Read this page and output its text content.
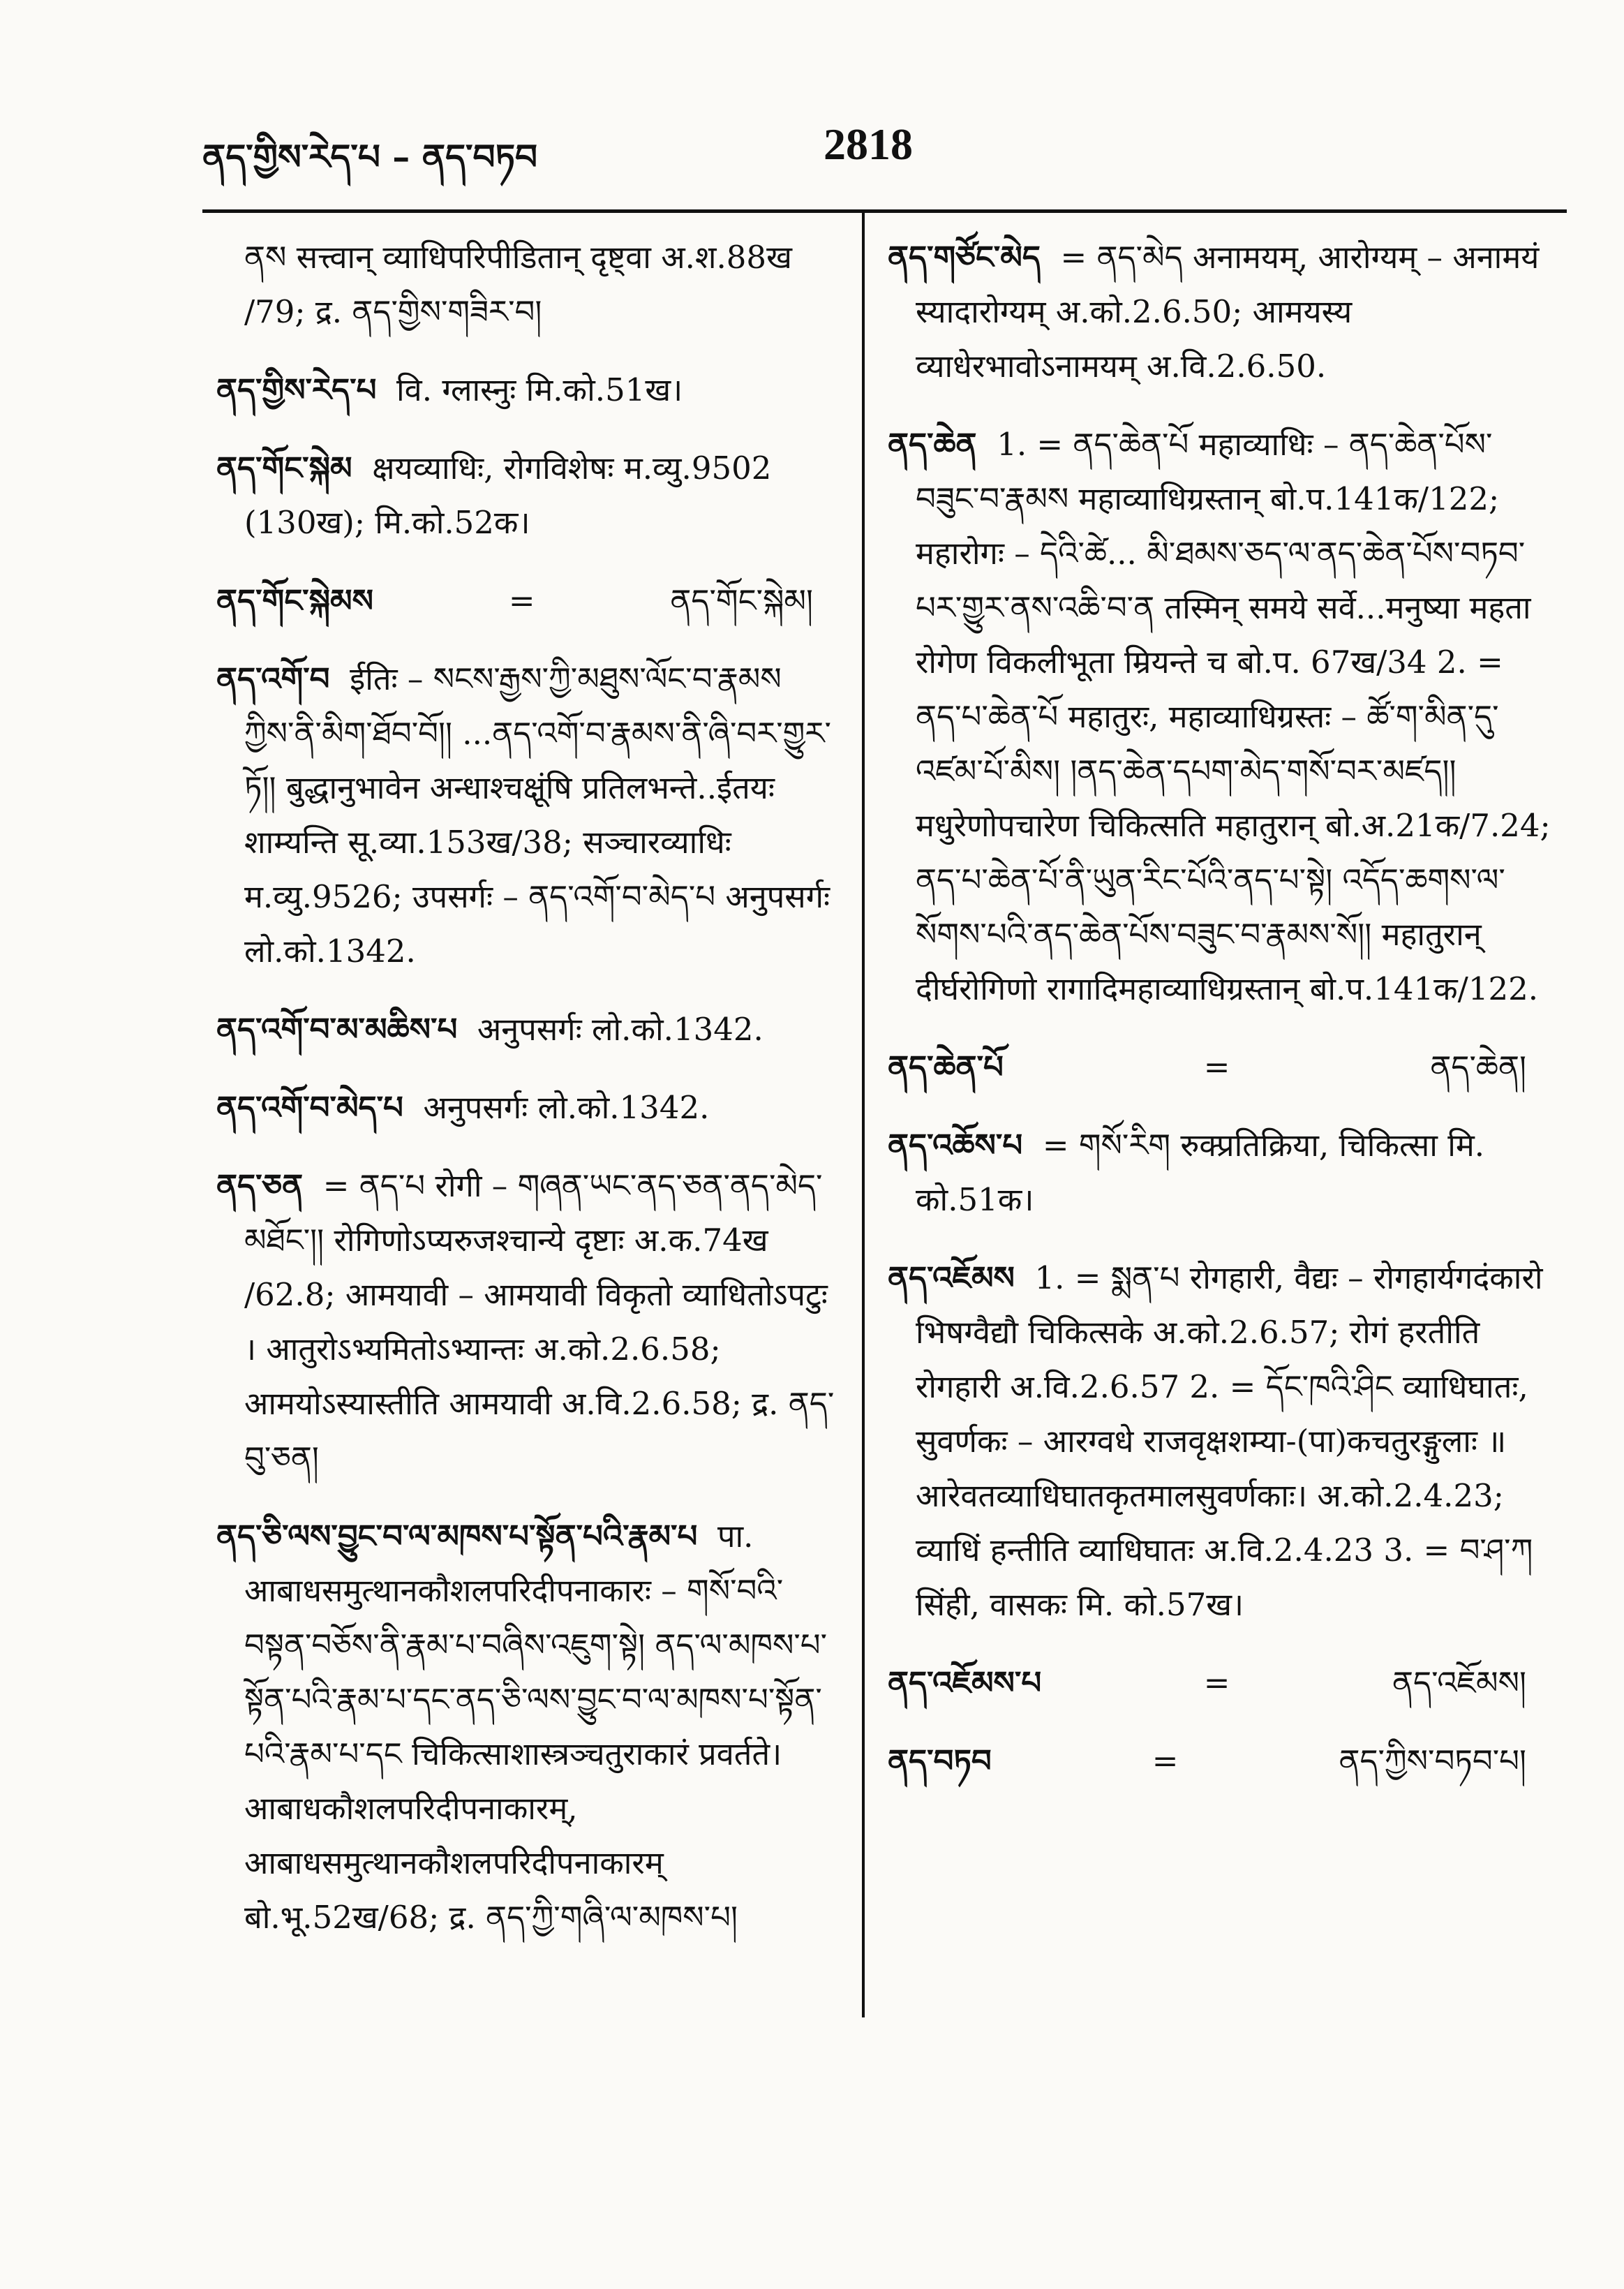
ནད་གྱིས་རེད་པ – ནད་བཏབ	2818

ནས सत्त्वान् व्याधिपरिपीडितान् दृष्ट्वा अ.श.88ख /79; द्र. ནད་གྱིས་གཟིར་བ།

ནད་གྱིས་རེད་པ वि. ग्लास्नुः मि.को.51ख।

ནད་གོང་སྐེམ क्षयव्याधिः, रोगविशेषः म.व्यु.9502 (130ख); मि.को.52क।

ནད་གོང་སྐེམས	=	ནད་གོང་སྐེམ།

ནད་འགོ་བ ईतिः – སངས་རྒྱས་ཀྱི་མཐུས་ལོང་བ་རྣམས ཀྱིས་ནི་མིག་ཐོབ་བོ།། ...ནད་འགོ་བ་རྣམས་ནི་ཞི་བར་གྱུར་ཏོ།། बुद्धानुभावेन अन्धाश्चक्षूंषि प्रतिलभन्ते..ईतयः शाम्यन्ति सू.व्या.153ख/38; सञ्चारव्याधिः म.व्यु.9526; उपसर्गः – ནད་འགོ་བ་མེད་པ अनुपसर्गः लो.को.1342.

ནད་འགོ་བ་མ་མཆིས་པ अनुपसर्गः लो.को.1342.

ནད་འགོ་བ་མེད་པ अनुपसर्गः लो.को.1342.

ནད་ཅན = ནད་པ रोगी – གཞན་ཡང་ནད་ཅན་ནད་མེད་མཐོང་།། रोगिणोऽप्यरुजश्चान्ये दृष्टाः अ.क.74ख /62.8; आमयावी – आमयावी विकृतो व्याधितोऽपटुः । आतुरोऽभ्यमितोऽभ्यान्तः अ.को.2.6.58; आमयोऽस्यास्तीति आमयावी अ.वि.2.6.58; द्र. ནད་བུ་ཅན།

ནད་ཅི་ལས་བྱུང་བ་ལ་མཁས་པ་སྟོན་པའི་རྣམ་པ पा. आबाधसमुत्थानकौशलपरिदीपनाकारः – གསོ་བའི་བསྟན་བཅོས་ནི་རྣམ་པ་བཞིས་འཇུག་སྟེ། ནད་ལ་མཁས་པ་སྟོན་པའི་རྣམ་པ་དང་ནད་ཅི་ལས་བྱུང་བ་ལ་མཁས་པ་སྟོན་པའི་རྣམ་པ་དང चिकित्साशास्त्रञ्चतुराकारं प्रवर्तते। आबाधकौशलपरिदीपनाकारम्, आबाधसमुत्थानकौशलपरिदीपनाकारम् बो.भू.52ख/68; द्र. ནད་ཀྱི་གཞི་ལ་མཁས་པ།

ནད་གཙོང་མེད = ནད་མེད अनामयम्, आरोग्यम् – अनामयं स्यादारोग्यम् अ.को.2.6.50; आमयस्य व्याधेरभावोऽनामयम् अ.वि.2.6.50.

ནད་ཆེན 1. = ནད་ཆེན་པོ महाव्याधिः – ནད་ཆེན་པོས་བཟུང་བ་རྣམས महाव्याधिग्रस्तान् बो.प.141क/122; महारोगः – དེའི་ཚེ... མི་ཐམས་ཅད་ལ་ནད་ཆེན་པོས་བཏབ་པར་གྱུར་ནས་འཆི་བ་ན तस्मिन् समये सर्वे...मनुष्या महता रोगेण विकलीभूता म्रियन्ते च बो.प. 67ख/34 2. = ནད་པ་ཆེན་པོ महातुरः, महाव्याधिग्रस्तः – ཚོ་ག་མིན་དུ་འཛམ་པོ་མིས། །ནད་ཆེན་དཔག་མེད་གསོ་བར་མཛད།། मधुरेणोपचारेण चिकित्सति महातुरान् बो.अ.21क/7.24; ནད་པ་ཆེན་པོ་ནི་ཡུན་རིང་པོའི་ནད་པ་སྟེ། འདོད་ཆགས་ལ་སོགས་པའི་ནད་ཆེན་པོས་བཟུང་བ་རྣམས་སོ།། महातुरान् दीर्घरोगिणो रागादिमहाव्याधिग्रस्तान् बो.प.141क/122.

ནད་ཆེན་པོ	=	ནད་ཆེན།

ནད་འཆོས་པ = གསོ་རིག रुक्प्रतिक्रिया, चिकित्सा मि. को.51क।

ནད་འཇོམས 1. = སྨན་པ रोगहारी, वैद्यः – रोगहार्यगदंकारो भिषग्वैद्यौ चिकित्सके अ.को.2.6.57; रोगं हरतीति रोगहारी अ.वि.2.6.57 2. = དོང་ཁའི་ཤིང व्याधिघातः, सुवर्णकः – आरग्वधे राजवृक्षशम्या-(पा)कचतुरङ्गुलाः ॥ आरेवतव्याधिघातकृतमालसुवर्णकाः। अ.को.2.4.23; व्याधिं हन्तीति व्याधिघातः अ.वि.2.4.23 3. = བ་ཤ་ཀ सिंही, वासकः मि. को.57ख।

ནད་འཇོམས་པ	=	ནད་འཇོམས།
ནད་བཏབ	=	ནད་ཀྱིས་བཏབ་པ།
